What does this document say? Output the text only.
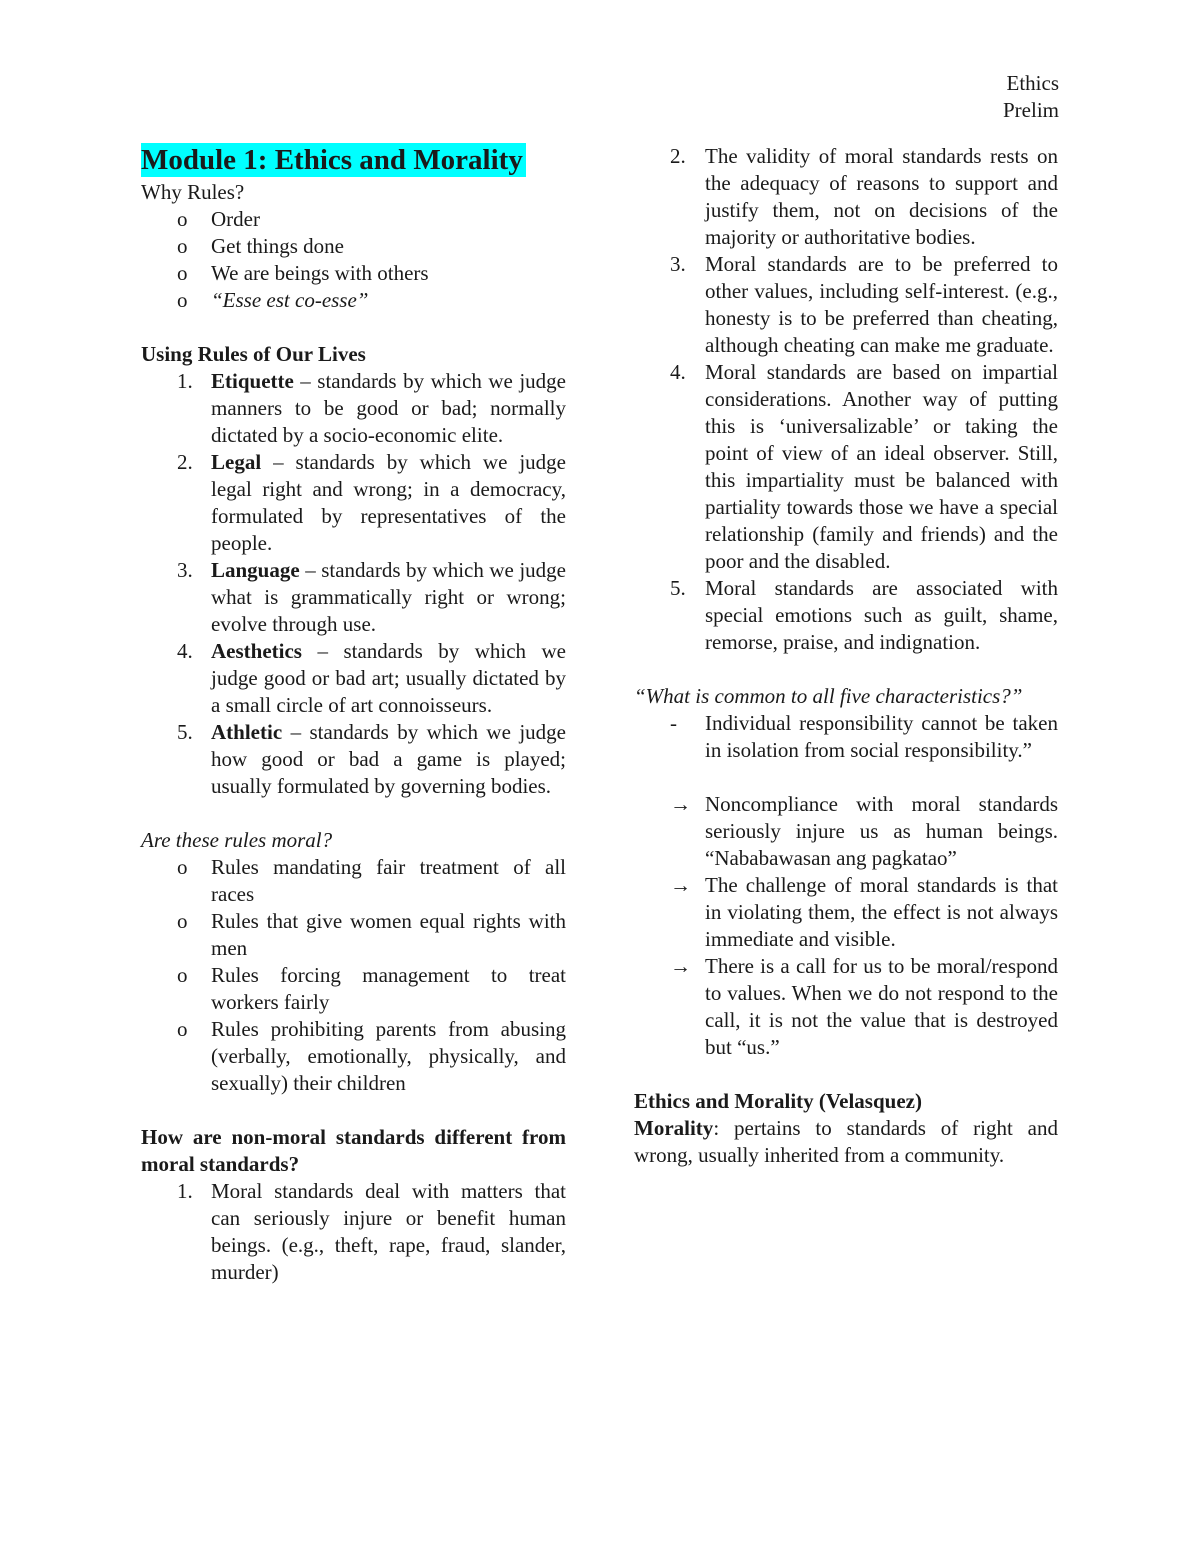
Ethics
Prelim
Module 1: Ethics and Morality

Why Rules?

o Order
o Get things done
o We are beings with others
o “Esse est co-esse”

Using Rules of Our Lives

1. Etiquette – standards by which we judge manners to be good or bad; normally dictated by a socio-economic elite.
2. Legal – standards by which we judge legal right and wrong; in a democracy, formulated by representatives of the people.
3. Language – standards by which we judge what is grammatically right or wrong; evolve through use.
4. Aesthetics – standards by which we judge good or bad art; usually dictated by a small circle of art connoisseurs.
5. Athletic – standards by which we judge how good or bad a game is played; usually formulated by governing bodies.

Are these rules moral?

o Rules mandating fair treatment of all races
o Rules that give women equal rights with men
o Rules forcing management to treat workers fairly
o Rules prohibiting parents from abusing (verbally, emotionally, physically, and sexually) their children

How are non-moral standards different from moral standards?

1. Moral standards deal with matters that can seriously injure or benefit human beings. (e.g., theft, rape, fraud, slander, murder)
2. The validity of moral standards rests on the adequacy of reasons to support and justify them, not on decisions of the majority or authoritative bodies.
3. Moral standards are to be preferred to other values, including self-interest. (e.g., honesty is to be preferred than cheating, although cheating can make me graduate.
4. Moral standards are based on impartial considerations. Another way of putting this is ‘universalizable’ or taking the point of view of an ideal observer. Still, this impartiality must be balanced with partiality towards those we have a special relationship (family and friends) and the poor and the disabled.
5. Moral standards are associated with special emotions such as guilt, shame, remorse, praise, and indignation.

“What is common to all five characteristics?”

- Individual responsibility cannot be taken in isolation from social responsibility.”
→ Noncompliance with moral standards seriously injure us as human beings. “Nababawasan ang pagkatao”
→ The challenge of moral standards is that in violating them, the effect is not always immediate and visible.
→ There is a call for us to be moral/respond to values. When we do not respond to the call, it is not the value that is destroyed but “us.”

Ethics and Morality (Velasquez)

Morality: pertains to standards of right and wrong, usually inherited from a community.
